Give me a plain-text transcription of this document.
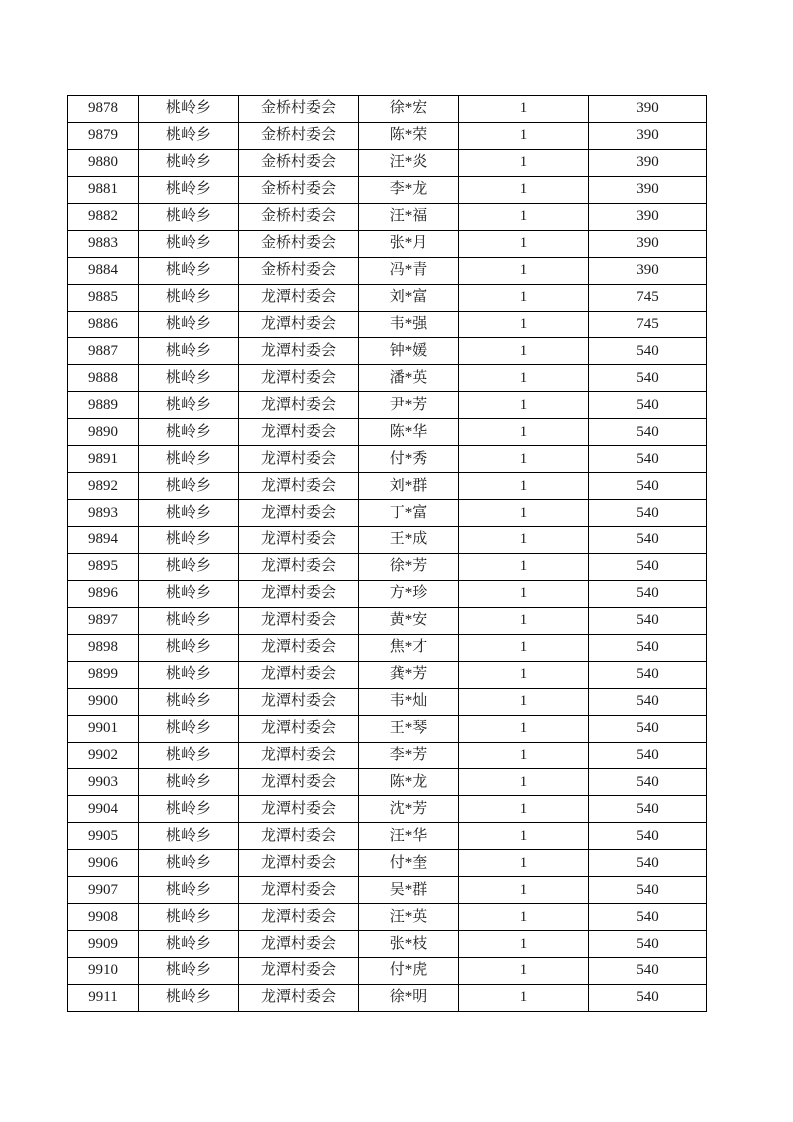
9878	桃岭乡	金桥村委会	徐*宏	1	390
9879	桃岭乡	金桥村委会	陈*荣	1	390
9880	桃岭乡	金桥村委会	汪*炎	1	390
9881	桃岭乡	金桥村委会	李*龙	1	390
9882	桃岭乡	金桥村委会	汪*福	1	390
9883	桃岭乡	金桥村委会	张*月	1	390
9884	桃岭乡	金桥村委会	冯*青	1	390
9885	桃岭乡	龙潭村委会	刘*富	1	745
9886	桃岭乡	龙潭村委会	韦*强	1	745
9887	桃岭乡	龙潭村委会	钟*媛	1	540
9888	桃岭乡	龙潭村委会	潘*英	1	540
9889	桃岭乡	龙潭村委会	尹*芳	1	540
9890	桃岭乡	龙潭村委会	陈*华	1	540
9891	桃岭乡	龙潭村委会	付*秀	1	540
9892	桃岭乡	龙潭村委会	刘*群	1	540
9893	桃岭乡	龙潭村委会	丁*富	1	540
9894	桃岭乡	龙潭村委会	王*成	1	540
9895	桃岭乡	龙潭村委会	徐*芳	1	540
9896	桃岭乡	龙潭村委会	方*珍	1	540
9897	桃岭乡	龙潭村委会	黄*安	1	540
9898	桃岭乡	龙潭村委会	焦*才	1	540
9899	桃岭乡	龙潭村委会	龚*芳	1	540
9900	桃岭乡	龙潭村委会	韦*灿	1	540
9901	桃岭乡	龙潭村委会	王*琴	1	540
9902	桃岭乡	龙潭村委会	李*芳	1	540
9903	桃岭乡	龙潭村委会	陈*龙	1	540
9904	桃岭乡	龙潭村委会	沈*芳	1	540
9905	桃岭乡	龙潭村委会	汪*华	1	540
9906	桃岭乡	龙潭村委会	付*奎	1	540
9907	桃岭乡	龙潭村委会	吴*群	1	540
9908	桃岭乡	龙潭村委会	汪*英	1	540
9909	桃岭乡	龙潭村委会	张*枝	1	540
9910	桃岭乡	龙潭村委会	付*虎	1	540
9911	桃岭乡	龙潭村委会	徐*明	1	540
